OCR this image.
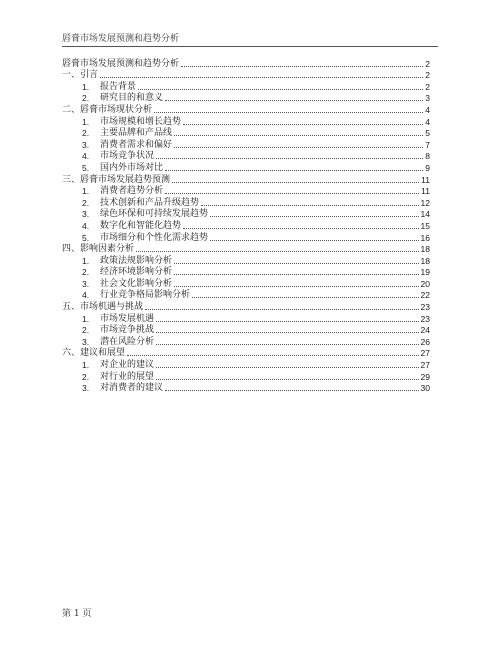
唇膏市场发展预测和趋势分析
唇膏市场发展预测和趋势分析	2
一、引言	2
1.	报告背景	2
2.	研究目的和意义	3
二、唇膏市场现状分析	4
1.	市场规模和增长趋势	4
2.	主要品牌和产品线	5
3.	消费者需求和偏好	7
4.	市场竞争状况	8
5.	国内外市场对比	9
三、唇膏市场发展趋势预测	11
1.	消费者趋势分析	11
2.	技术创新和产品升级趋势	12
3.	绿色环保和可持续发展趋势	14
4.	数字化和智能化趋势	15
5.	市场细分和个性化需求趋势	16
四、影响因素分析	18
1.	政策法规影响分析	18
2.	经济环境影响分析	19
3.	社会文化影响分析	20
4.	行业竞争格局影响分析	22
五、市场机遇与挑战	23
1.	市场发展机遇	23
2.	市场竞争挑战	24
3.	潜在风险分析	26
六、建议和展望	27
1.	对企业的建议	27
2.	对行业的展望	29
3.	对消费者的建议	30
第 1 页
